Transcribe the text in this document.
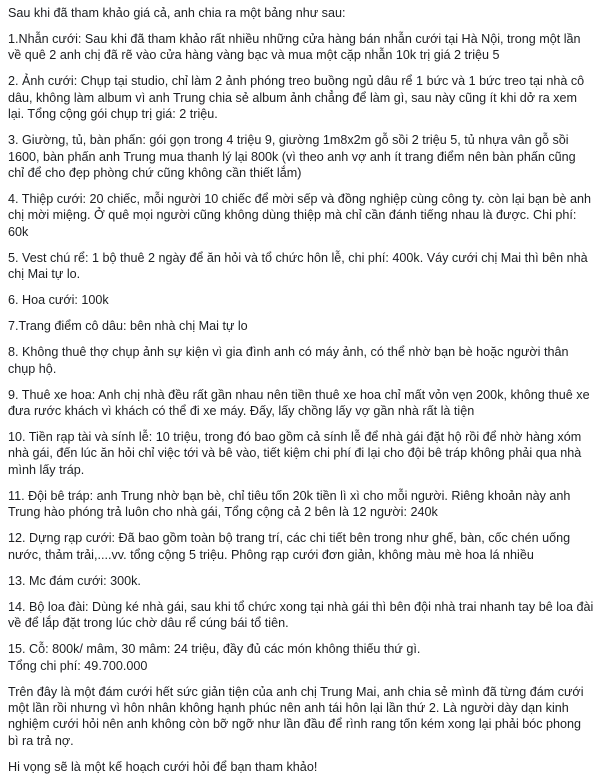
Sau khi đã tham khảo giá cả, anh chia ra một bảng như sau:

1.Nhẫn cưới: Sau khi đã tham khảo rất nhiều những cửa hàng bán nhẫn cưới tại Hà Nội, trong một lần về quê 2 anh chị đã rẽ vào cửa hàng vàng bạc và mua một cặp nhẫn 10k trị giá 2 triệu 5

2. Ảnh cưới: Chụp tại studio, chỉ làm 2 ảnh phóng treo buồng ngủ dâu rể 1 bức và 1 bức treo tại nhà cô dâu, không làm album vì anh Trung chia sẻ album ảnh chẳng để làm gì, sau này cũng ít khi dở ra xem lại. Tổng cộng gói chụp trị giá: 2 triệu.

3. Giường, tủ, bàn phấn: gói gọn trong 4 triệu 9, giường 1m8x2m gỗ sồi 2 triệu 5, tủ nhựa vân gỗ sồi 1600, bàn phấn anh Trung mua thanh lý lại 800k (vì theo anh vợ anh ít trang điểm nên bàn phấn cũng chỉ để cho đẹp phòng chứ cũng không cần thiết lắm)

4. Thiệp cưới: 20 chiếc, mỗi người 10 chiếc để mời sếp và đồng nghiệp cùng công ty. còn lại bạn bè anh chị mời miệng. Ở quê mọi người cũng không dùng thiệp mà chỉ cần đánh tiếng nhau là được. Chi phí: 60k

5. Vest chú rể: 1 bộ thuê 2 ngày để ăn hỏi và tổ chức hôn lễ, chi phí: 400k. Váy cưới chị Mai thì bên nhà chị Mai tự lo.

6. Hoa cưới: 100k

7.Trang điểm cô dâu: bên nhà chị Mai tự lo

8. Không thuê thợ chụp ảnh sự kiện vì gia đình anh có máy ảnh, có thể nhờ bạn bè hoặc người thân chụp hộ.

9. Thuê xe hoa: Anh chị nhà đều rất gần nhau nên tiền thuê xe hoa chỉ mất vỏn vẹn 200k, không thuê xe đưa rước khách vì khách có thể đi xe máy. Đấy, lấy chồng lấy vợ gần nhà rất là tiện

10. Tiền rạp tài và sính lễ: 10 triệu, trong đó bao gồm cả sính lễ để nhà gái đặt hộ rồi để nhờ hàng xóm nhà gái, đến lúc ăn hỏi chỉ việc tới và bê vào, tiết kiệm chi phí đi lại cho đội bê tráp không phải qua nhà mình lấy tráp.

11. Đội bê tráp: anh Trung nhờ bạn bè, chỉ tiêu tốn 20k tiền lì xì cho mỗi người. Riêng khoản này anh Trung hào phóng trả luôn cho nhà gái, Tổng cộng cả 2 bên là 12 người: 240k

12. Dựng rạp cưới: Đã bao gồm toàn bộ trang trí, các chi tiết bên trong như ghế, bàn, cốc chén uống nước, thảm trải,....vv. tổng cộng 5 triệu. Phông rạp cưới đơn giản, không màu mè hoa lá nhiều

13. Mc đám cưới: 300k.

14. Bộ loa đài: Dùng ké nhà gái, sau khi tổ chức xong tại nhà gái thì bên đội nhà trai nhanh tay bê loa đài về để lắp đặt trong lúc chờ dâu rể cúng bái tổ tiên.

15. Cỗ: 800k/ mâm, 30 mâm: 24 triệu, đầy đủ các món không thiếu thứ gì.

Tổng chi phí: 49.700.000

Trên đây là một đám cưới hết sức giản tiện của anh chị Trung Mai, anh chia sẻ mình đã từng đám cưới một lần rồi nhưng vì hôn nhân không hạnh phúc nên anh tái hôn lại lần thứ 2. Là người dày dạn kinh nghiệm cưới hỏi nên anh không còn bỡ ngỡ như lần đầu để rình rang tốn kém xong lại phải bóc phong bì ra trả nợ.

Hi vọng sẽ là một kế hoạch cưới hỏi để bạn tham khảo!
